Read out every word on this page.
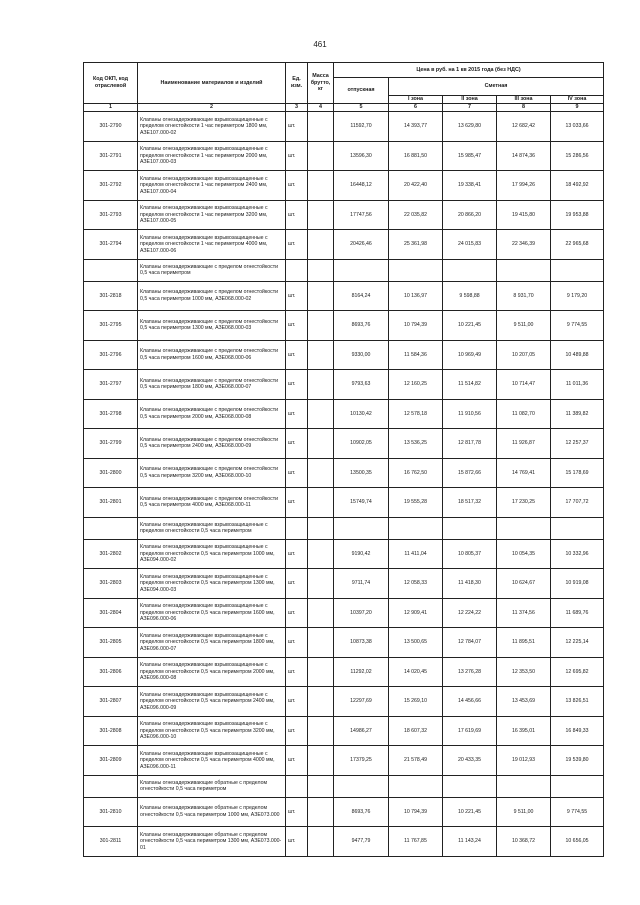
461
Код ОКП, код отраслевой	Наименование материалов и изделий	Ед. изм.	Масса брутто, кг	Цена в руб. на 1 кв 2015 года (без НДС)				
				отпускная	Сметная			
					I зона	II зона	III зона	IV зона
1	2	3	4	5	6	7	8	9
301-2790	Клапаны огнезадерживающие взрывозащищенные с пределом огнестойкости 1 час периметром 1800 мм, АЗЕ107.000-02	шт.		11592,70	14 393,77	13 629,80	12 682,42	13 033,66
301-2791	Клапаны огнезадерживающие взрывозащищенные с пределом огнестойкости 1 час периметром 2000 мм, АЗЕ107.000-03	шт.		13596,30	16 881,50	15 985,47	14 874,36	15 286,56
301-2792	Клапаны огнезадерживающие взрывозащищенные с пределом огнестойкости 1 час периметром 2400 мм, АЗЕ107.000-04	шт.		16448,12	20 422,40	19 338,41	17 994,26	18 492,92
301-2793	Клапаны огнезадерживающие взрывозащищенные с пределом огнестойкости 1 час периметром 3200 мм, АЗЕ107.000-05	шт.		17747,56	22 035,82	20 866,20	19 415,80	19 953,88
301-2794	Клапаны огнезадерживающие взрывозащищенные с пределом огнестойкости 1 час периметром 4000 мм, АЗЕ107.000-06	шт.		20426,46	25 361,98	24 015,83	22 346,39	22 965,68
	Клапаны огнезадерживающие с пределом огнестойкости 0,5 часа периметром							
301-2818	Клапаны огнезадерживающие с пределом огнестойкости 0,5 часа периметром 1000 мм, АЗЕ068.000-02	шт.		8164,24	10 136,97	9 598,88	8 931,70	9 179,20
301-2795	Клапаны огнезадерживающие с пределом огнестойкости 0,5 часа периметром 1300 мм, АЗЕ068.000-03	шт.		8693,76	10 794,39	10 221,45	9 511,00	9 774,55
301-2796	Клапаны огнезадерживающие с пределом огнестойкости 0,5 часа периметром 1600 мм, АЗЕ068.000-06	шт.		9330,00	11 584,36	10 969,49	10 207,05	10 489,88
301-2797	Клапаны огнезадерживающие с пределом огнестойкости 0,5 часа периметром 1800 мм, АЗЕ068.000-07	шт.		9793,63	12 160,25	11 514,82	10 714,47	11 011,36
301-2798	Клапаны огнезадерживающие с пределом огнестойкости 0,5 часа периметром 2000 мм, АЗЕ068.000-08	шт.		10130,42	12 578,18	11 910,56	11 082,70	11 389,82
301-2799	Клапаны огнезадерживающие с пределом огнестойкости 0,5 часа периметром 2400 мм, АЗЕ068.000-09	шт.		10902,05	13 536,25	12 817,78	11 926,87	12 257,37
301-2800	Клапаны огнезадерживающие с пределом огнестойкости 0,5 часа периметром 3200 мм, АЗЕ068.000-10	шт.		13500,35	16 762,50	15 872,66	14 769,41	15 178,69
301-2801	Клапаны огнезадерживающие с пределом огнестойкости 0,5 часа периметром 4000 мм, АЗЕ068.000-11	шт.		15749,74	19 555,28	18 517,32	17 230,25	17 707,72
	Клапаны огнезадерживающие взрывозащищенные с пределом огнестойкости 0,5 часа периметром							
301-2802	Клапаны огнезадерживающие взрывозащищенные с пределом огнестойкости 0,5 часа периметром 1000 мм, АЗЕ094.000-02	шт.		9190,42	11 411,04	10 805,37	10 054,35	10 332,96
301-2803	Клапаны огнезадерживающие взрывозащищенные с пределом огнестойкости 0,5 часа периметром 1300 мм, АЗЕ094.000-03	шт.		9711,74	12 058,33	11 418,30	10 624,67	10 919,08
301-2804	Клапаны огнезадерживающие взрывозащищенные с пределом огнестойкости 0,5 часа периметром 1600 мм, АЗЕ096.000-06	шт.		10397,20	12 909,41	12 224,22	11 374,56	11 689,76
301-2805	Клапаны огнезадерживающие взрывозащищенные с пределом огнестойкости 0,5 часа периметром 1800 мм, АЗЕ096.000-07	шт.		10873,38	13 500,65	12 784,07	11 895,51	12 225,14
301-2806	Клапаны огнезадерживающие взрывозащищенные с пределом огнестойкости 0,5 часа периметром 2000 мм, АЗЕ096.000-08	шт.		11292,02	14 020,45	13 276,28	12 353,50	12 695,82
301-2807	Клапаны огнезадерживающие взрывозащищенные с пределом огнестойкости 0,5 часа периметром 2400 мм, АЗЕ096.000-09	шт.		12297,69	15 269,10	14 456,66	13 453,69	13 826,51
301-2808	Клапаны огнезадерживающие взрывозащищенные с пределом огнестойкости 0,5 часа периметром 3200 мм, АЗЕ096.000-10	шт.		14986,27	18 607,32	17 619,69	16 395,01	16 849,33
301-2809	Клапаны огнезадерживающие взрывозащищенные с пределом огнестойкости 0,5 часа периметром 4000 мм, АЗЕ096.000-11	шт.		17379,25	21 578,49	20 433,35	19 012,93	19 539,80
	Клапаны огнезадерживающие обратные с пределом огнестойкости 0,5 часа периметром							
301-2810	Клапаны огнезадерживающие обратные с пределом огнестойкости 0,5 часа периметром 1000 мм, АЗЕ073.000	шт.		8693,76	10 794,39	10 221,45	9 511,00	9 774,55
301-2811	Клапаны огнезадерживающие обратные с пределом огнестойкости 0,5 часа периметром 1300 мм, АЗЕ073.000-01	шт.		9477,79	11 767,85	11 143,24	10 368,72	10 656,05
